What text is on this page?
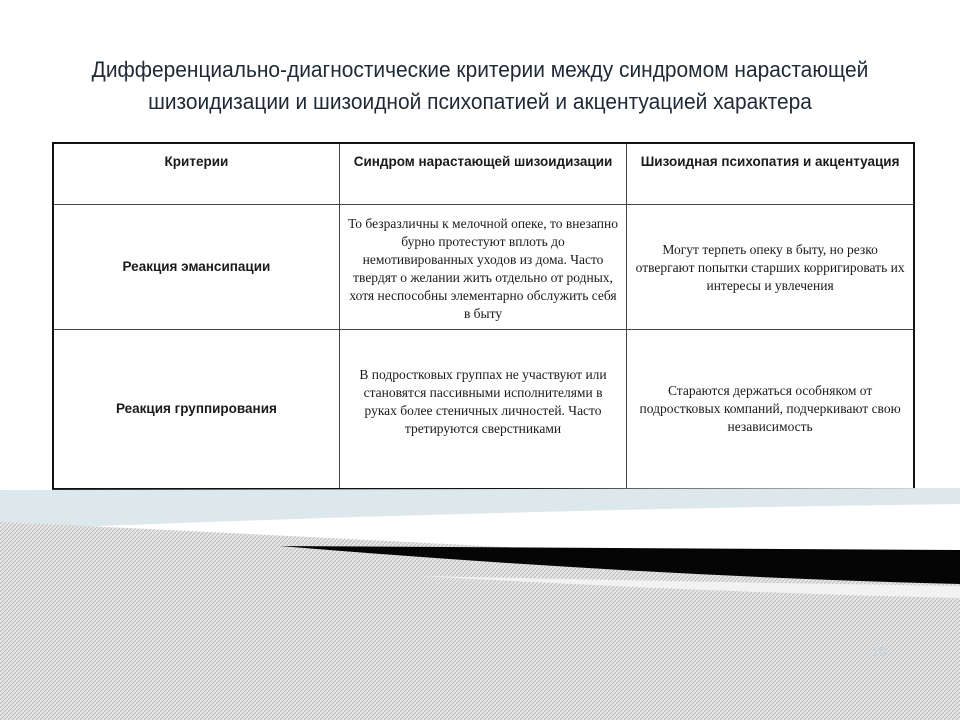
Дифференциально-диагностические критерии между синдромом нарастающей
шизоидизации и шизоидной психопатией и акцентуацией характера
Критерии	Синдром нарастающей шизоидизации	Шизоидная психопатия и акцентуация
Реакция эмансипации	То безразличны к мелочной опеке, то внезапно бурно протестуют вплоть до немотивированных уходов из дома. Часто твердят о желании жить отдельно от родных, хотя неспособны элементарно обслужить себя в быту	Могут терпеть опеку в быту, но резко отвергают попытки старших корригировать их интересы и увлечения
Реакция группирования	В подростковых группах не участвуют или становятся пассивными исполнителями в руках более стеничных личностей. Часто третируются сверстниками	Стараются держаться особняком от подростковых компаний, подчеркивают свою независимость
10
